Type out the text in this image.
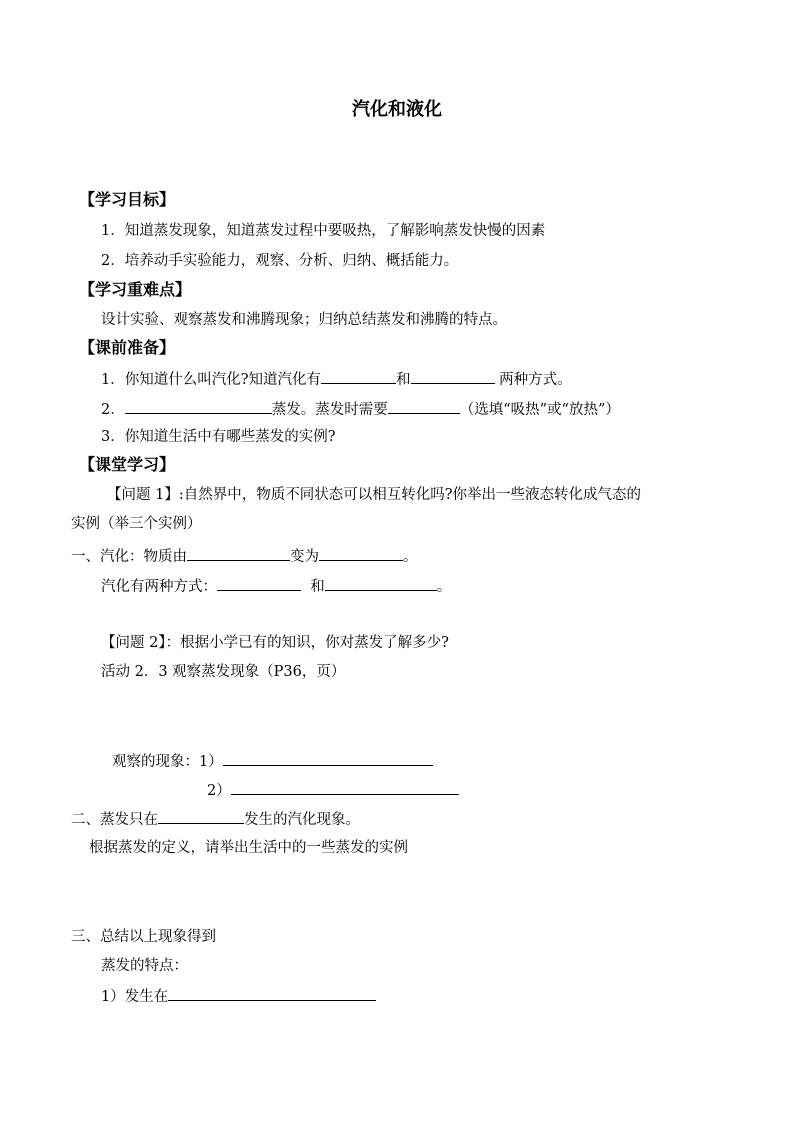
汽化和液化
【学习目标】
1．知道蒸发现象，知道蒸发过程中要吸热，了解影响蒸发快慢的因素
2．培养动手实验能力，观察、分析、归纳、概括能力。
【学习重难点】
设计实验、观察蒸发和沸腾现象；归纳总结蒸发和沸腾的特点。
【课前准备】
1．你知道什么叫汽化?知道汽化有	和	两种方式。
2．	蒸发。蒸发时需要	（选填“吸热”或“放热”）
3．你知道生活中有哪些蒸发的实例?
【课堂学习】
【问题 1】:自然界中，物质不同状态可以相互转化吗?你举出一些液态转化成气态的
实例（举三个实例）
一、汽化：物质由	变为	。
汽化有两种方式：	和	。
【问题 2】：根据小学已有的知识，你对蒸发了解多少?
活动 2．3 观察蒸发现象（P36，页）
观察的现象：1）
2）
二、蒸发只在	发生的汽化现象。
根据蒸发的定义，请举出生活中的一些蒸发的实例
三、总结以上现象得到
蒸发的特点：
1）发生在
